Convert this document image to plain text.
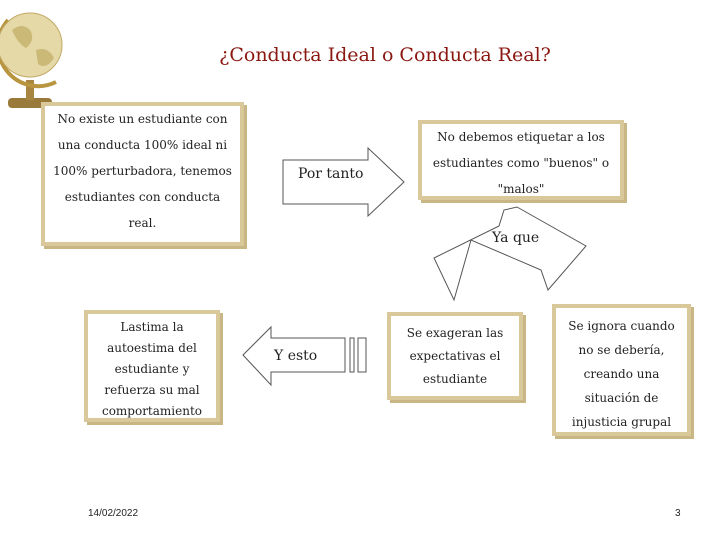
¿Conducta Ideal o Conducta Real?

No existe un estudiante con una conducta 100% ideal ni 100% perturbadora, tenemos estudiantes con conducta real.

No debemos etiquetar a los estudiantes como "buenos" o "malos"

Lastima la autoestima del estudiante y refuerza su mal comportamiento

Se exageran las expectativas el estudiante

Se ignora cuando no se debería, creando una situación de injusticia grupal

Por tanto
Ya que
Y esto
14/02/2022	3
